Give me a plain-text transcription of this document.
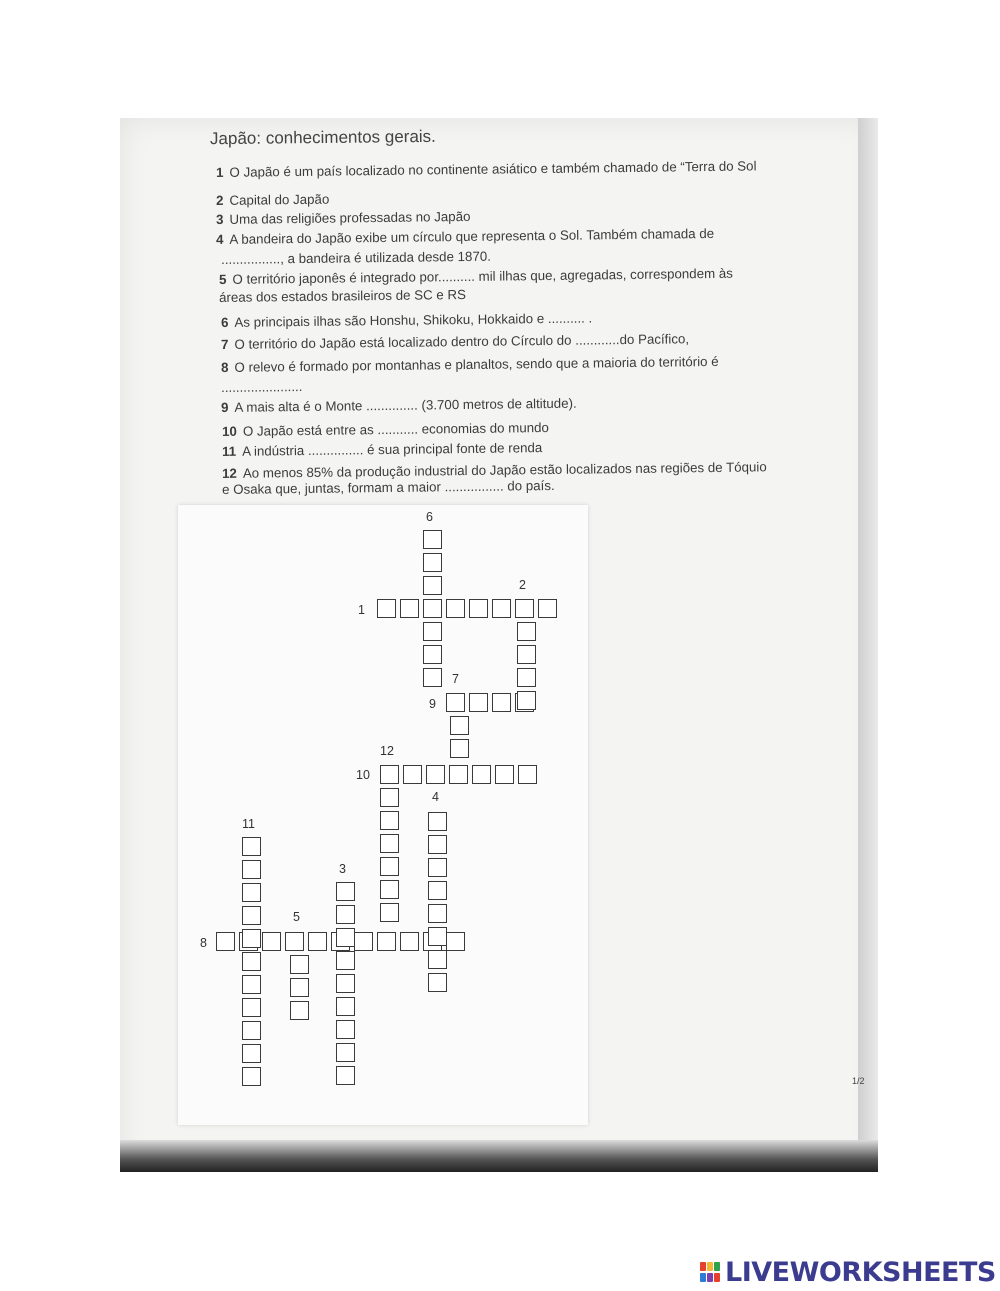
Japão: conhecimentos gerais.
1 O Japão é um país localizado no continente asiático e também chamado de “Terra do Sol
2 Capital do Japão
3 Uma das religiões professadas no Japão
4 A bandeira do Japão exibe um círculo que representa o Sol. Também chamada de
................, a bandeira é utilizada desde 1870.
5 O território japonês é integrado por.......... mil ilhas que, agregadas, correspondem às
áreas dos estados brasileiros de SC e RS
6 As principais ilhas são Honshu, Shikoku, Hokkaido e .......... .
7 O território do Japão está localizado dentro do Círculo do ............do Pacífico,
8 O relevo é formado por montanhas e planaltos, sendo que a maioria do território é
......................
9 A mais alta é o Monte .............. (3.700 metros de altitude).
10 O Japão está entre as ........... economias do mundo
11 A indústria ............... é sua principal fonte de renda
12 Ao menos 85% da produção industrial do Japão estão localizados nas regiões de Tóquio
e Osaka que, juntas, formam a maior ................ do país.
1
2
3
4
5
6
7
8
9
10
11
12
1/2
LIVEWORKSHEETS
